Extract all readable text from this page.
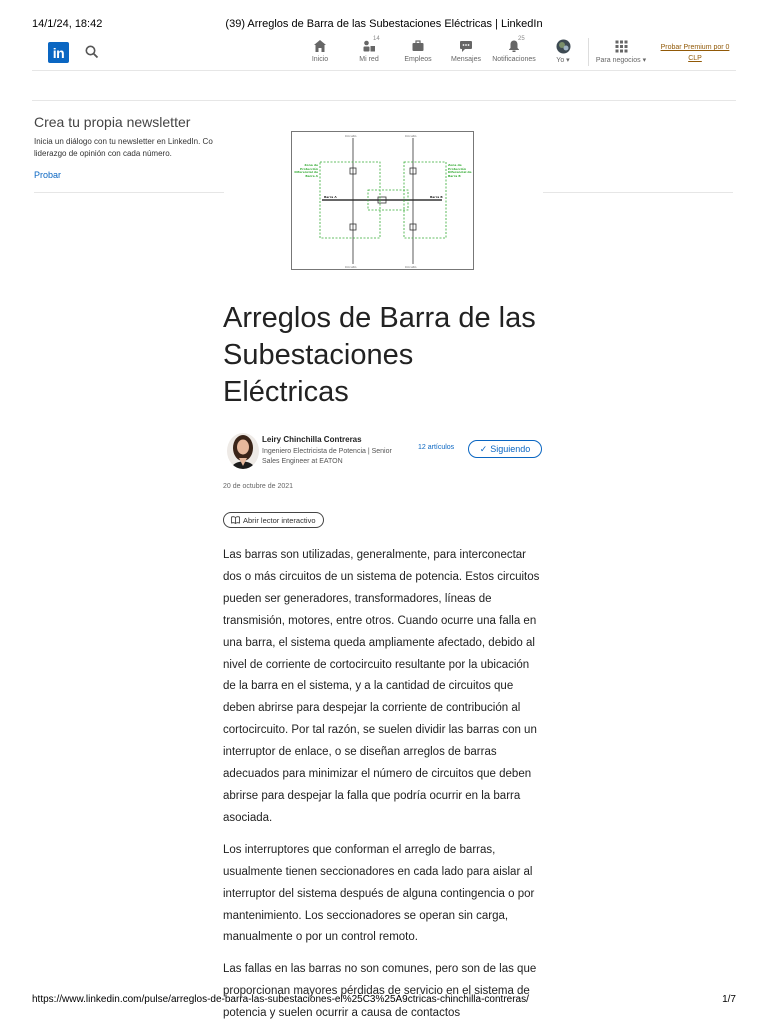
14/1/24, 18:42	(39) Arreglos de Barra de las Subestaciones Eléctricas | LinkedIn
in	Inicio
14
Mi red	Empleos	Mensajes
25
Notificaciones	Yo ▾	Para negocios ▾
Probar Premium por 0 CLP
Crea tu propia newsletter

Inicia un diálogo con tu newsletter en LinkedIn. Co liderazgo de opinión con cada número.

Probar
Circuito	Circuito
Circuito	Circuito
Barra A	Barra B
Zona de Protección Diferencial de Barra A
Zona de Protección Diferencial de Barra B
Arreglos de Barra de las Subestaciones Eléctricas
Leiry Chinchilla Contreras
Ingeniero Electricista de Potencia | Senior Sales Engineer at EATON
12 artículos	✓ Siguiendo
20 de octubre de 2021
Abrir lector interactivo

Las barras son utilizadas, generalmente, para interconectar dos o más circuitos de un sistema de potencia. Estos circuitos pueden ser generadores, transformadores, líneas de transmisión, motores, entre otros. Cuando ocurre una falla en una barra, el sistema queda ampliamente afectado, debido al nivel de corriente de cortocircuito resultante por la ubicación de la barra en el sistema, y a la cantidad de circuitos que deben abrirse para despejar la corriente de contribución al cortocircuito. Por tal razón, se suelen dividir las barras con un interruptor de enlace, o se diseñan arreglos de barras adecuados para minimizar el número de circuitos que deben abrirse para despejar la falla que podría ocurrir en la barra asociada.

Los interruptores que conforman el arreglo de barras, usualmente tienen seccionadores en cada lado para aislar al interruptor del sistema después de alguna contingencia o por mantenimiento. Los seccionadores se operan sin carga, manualmente o por un control remoto.

Las fallas en las barras no son comunes, pero son de las que proporcionan mayores pérdidas de servicio en el sistema de potencia y suelen ocurrir a causa de contactos

https://www.linkedin.com/pulse/arreglos-de-barra-las-subestaciones-el%25C3%25A9ctricas-chinchilla-contreras/	1/7
